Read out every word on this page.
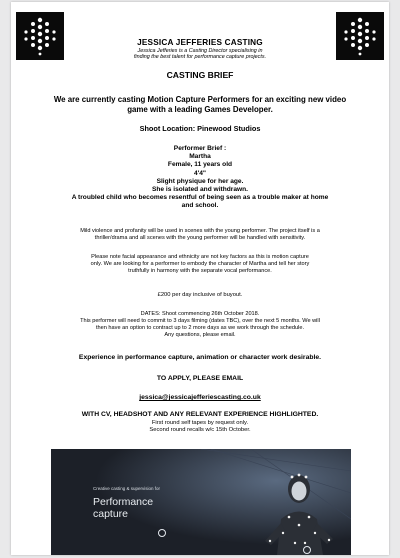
JESSICA JEFFERIES CASTING
Jessica Jefferies is a Casting Director specialising in
finding the best talent for performance capture projects.
CASTING BRIEF
We are currently casting Motion Capture Performers for an exciting new video
game with a leading Games Developer.
Shoot Location: Pinewood Studios
Performer Brief :
Martha
Female, 11 years old
4'4"
Slight physique for her age.
She is isolated and withdrawn.
A troubled child who becomes resentful of being seen as a trouble maker at home
and school.
Mild violence and profanity will be used in scenes with the young performer. The project itself is a
thriller/drama and all scenes with the young performer will be handled with sensitivity.
Please note facial appearance and ethnicity are not key factors as this is motion capture
only. We are looking for a performer to embody the character of Martha and tell her story
truthfully in harmony with the separate vocal performance.
£200 per day inclusive of buyout.
DATES: Shoot commencing 26th October 2018.
This performer will need to commit to 3 days filming (dates TBC), over the next 5 months. We will
then have an option to contract up to 2 more days as we work through the schedule.
Any questions, please email.
Experience in performance capture, animation or character work desirable.
TO APPLY, PLEASE EMAIL
jessica@jessicajefferiescasting.co.uk
WITH CV, HEADSHOT AND ANY RELEVANT EXPERIENCE HIGHLIGHTED.
First round self tapes by request only.
Second round recalls w/c 15th October.
Creative casting & supervision for
Performance
capture
